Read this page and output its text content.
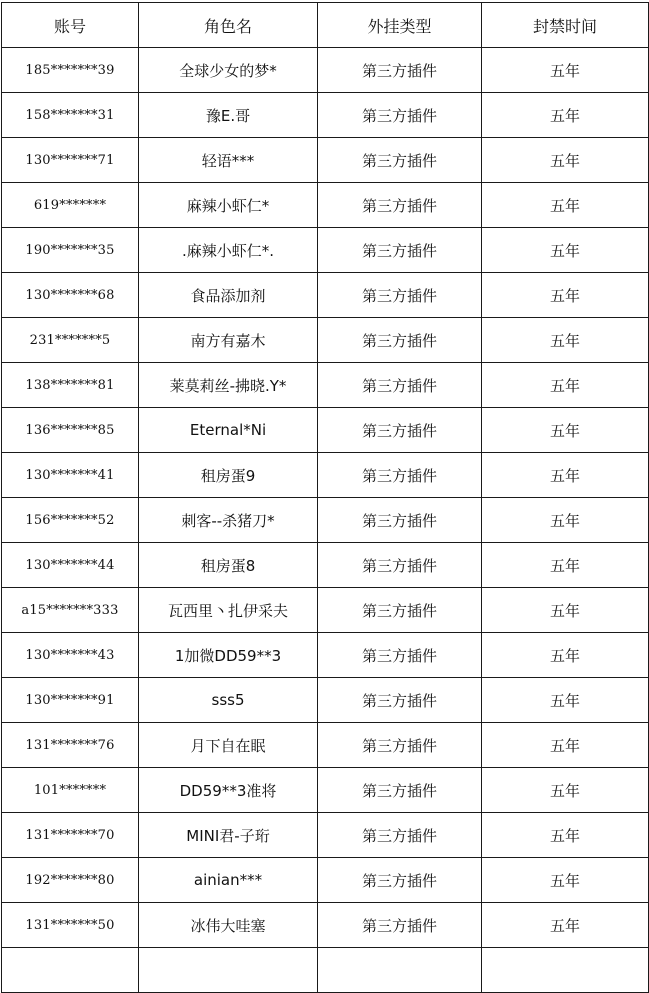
账号	角色名	外挂类型	封禁时间
185*******39	全球少女的梦*	第三方插件	五年
158*******31	豫E.哥	第三方插件	五年
130*******71	轻语***	第三方插件	五年
619*******	麻辣小虾仁*	第三方插件	五年
190*******35	.麻辣小虾仁*.	第三方插件	五年
130*******68	食品添加剂	第三方插件	五年
231*******5	南方有嘉木	第三方插件	五年
138*******81	莱莫莉丝-拂晓.Y*	第三方插件	五年
136*******85	Eternal*Ni	第三方插件	五年
130*******41	租房蛋9	第三方插件	五年
156*******52	刺客--杀猪刀*	第三方插件	五年
130*******44	租房蛋8	第三方插件	五年
a15*******333	瓦西里丶扎伊采夫	第三方插件	五年
130*******43	1加微DD59**3	第三方插件	五年
130*******91	sss5	第三方插件	五年
131*******76	月下自在眠	第三方插件	五年
101*******	DD59**3准将	第三方插件	五年
131*******70	MINI君-子珩	第三方插件	五年
192*******80	ainian***	第三方插件	五年
131*******50	冰伟大哇塞	第三方插件	五年
